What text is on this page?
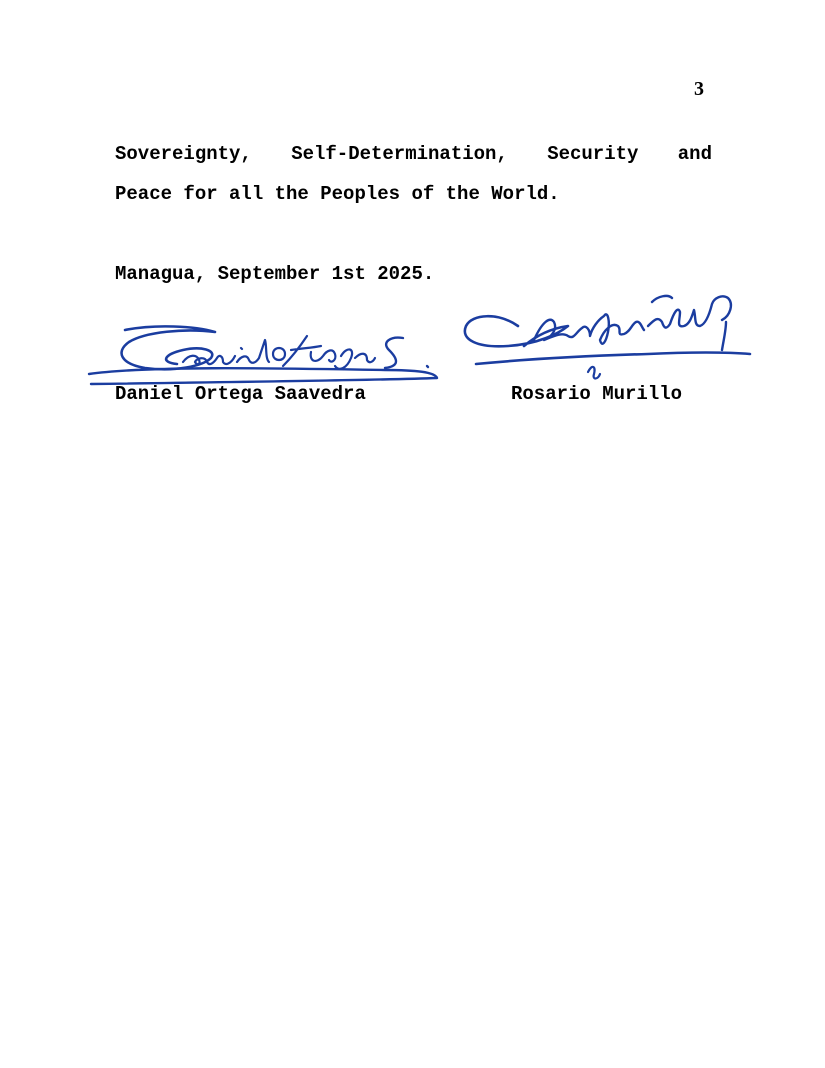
3
Sovereignty, Self-Determination, Security and
Peace for all the Peoples of the World.
Managua, September 1st 2025.
Daniel Ortega Saavedra	Rosario Murillo
